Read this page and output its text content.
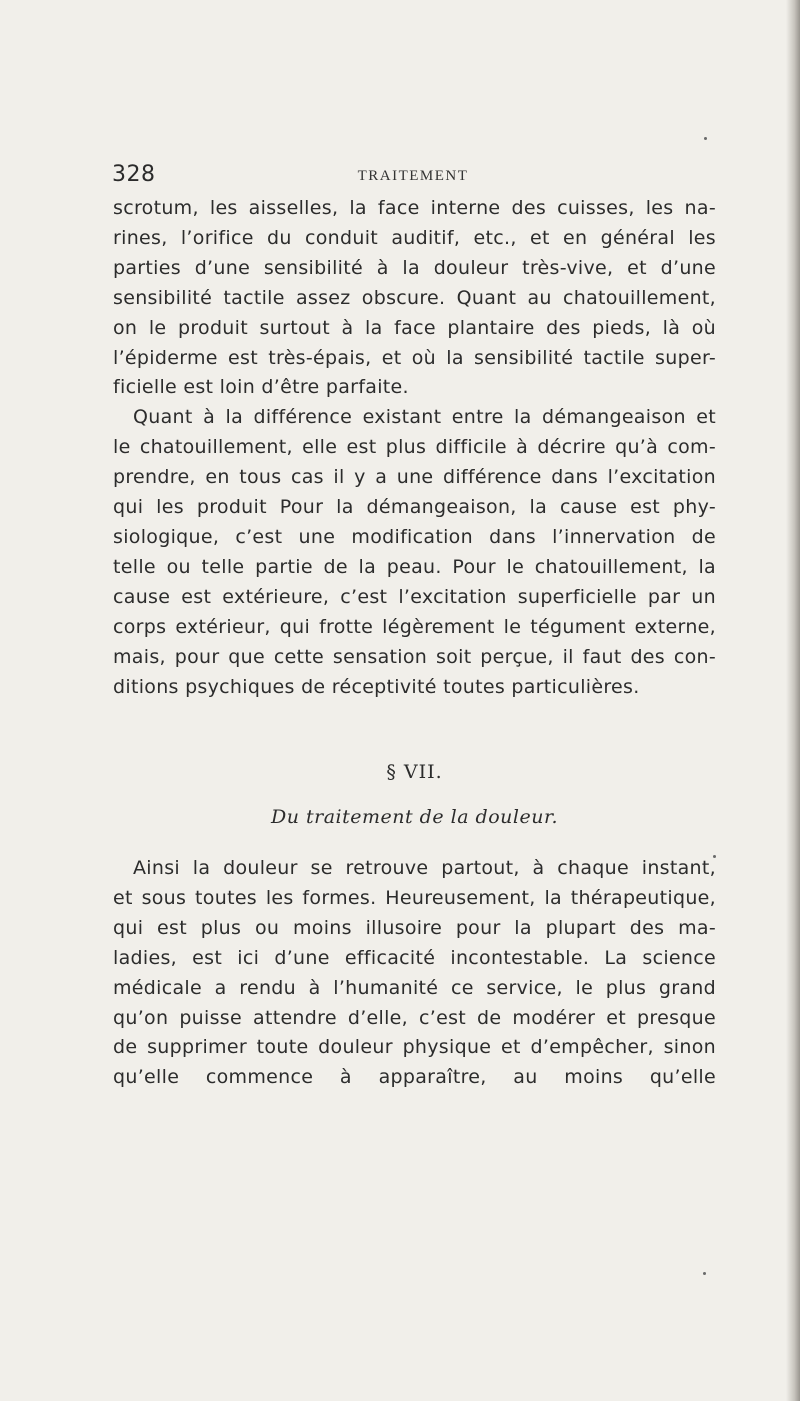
328	TRAITEMENT
scrotum, les aisselles, la face interne des cuisses, les na-
rines, l’orifice du conduit auditif, etc., et en général les
parties d’une sensibilité à la douleur très-vive, et d’une
sensibilité tactile assez obscure. Quant au chatouillement,
on le produit surtout à la face plantaire des pieds, là où
l’épiderme est très-épais, et où la sensibilité tactile super-
ficielle est loin d’être parfaite.
Quant à la différence existant entre la démangeaison et
le chatouillement, elle est plus difficile à décrire qu’à com-
prendre, en tous cas il y a une différence dans l’excitation
qui les produit Pour la démangeaison, la cause est phy-
siologique, c’est une modification dans l’innervation de
telle ou telle partie de la peau. Pour le chatouillement, la
cause est extérieure, c’est l’excitation superficielle par un
corps extérieur, qui frotte légèrement le tégument externe,
mais, pour que cette sensation soit perçue, il faut des con-
ditions psychiques de réceptivité toutes particulières.
§ VII.
Du traitement de la douleur.
Ainsi la douleur se retrouve partout, à chaque instant,
et sous toutes les formes. Heureusement, la thérapeutique,
qui est plus ou moins illusoire pour la plupart des ma-
ladies, est ici d’une efficacité incontestable. La science
médicale a rendu à l’humanité ce service, le plus grand
qu’on puisse attendre d’elle, c’est de modérer et presque
de supprimer toute douleur physique et d’empêcher, sinon
qu’elle commence à apparaître, au moins qu’elle
